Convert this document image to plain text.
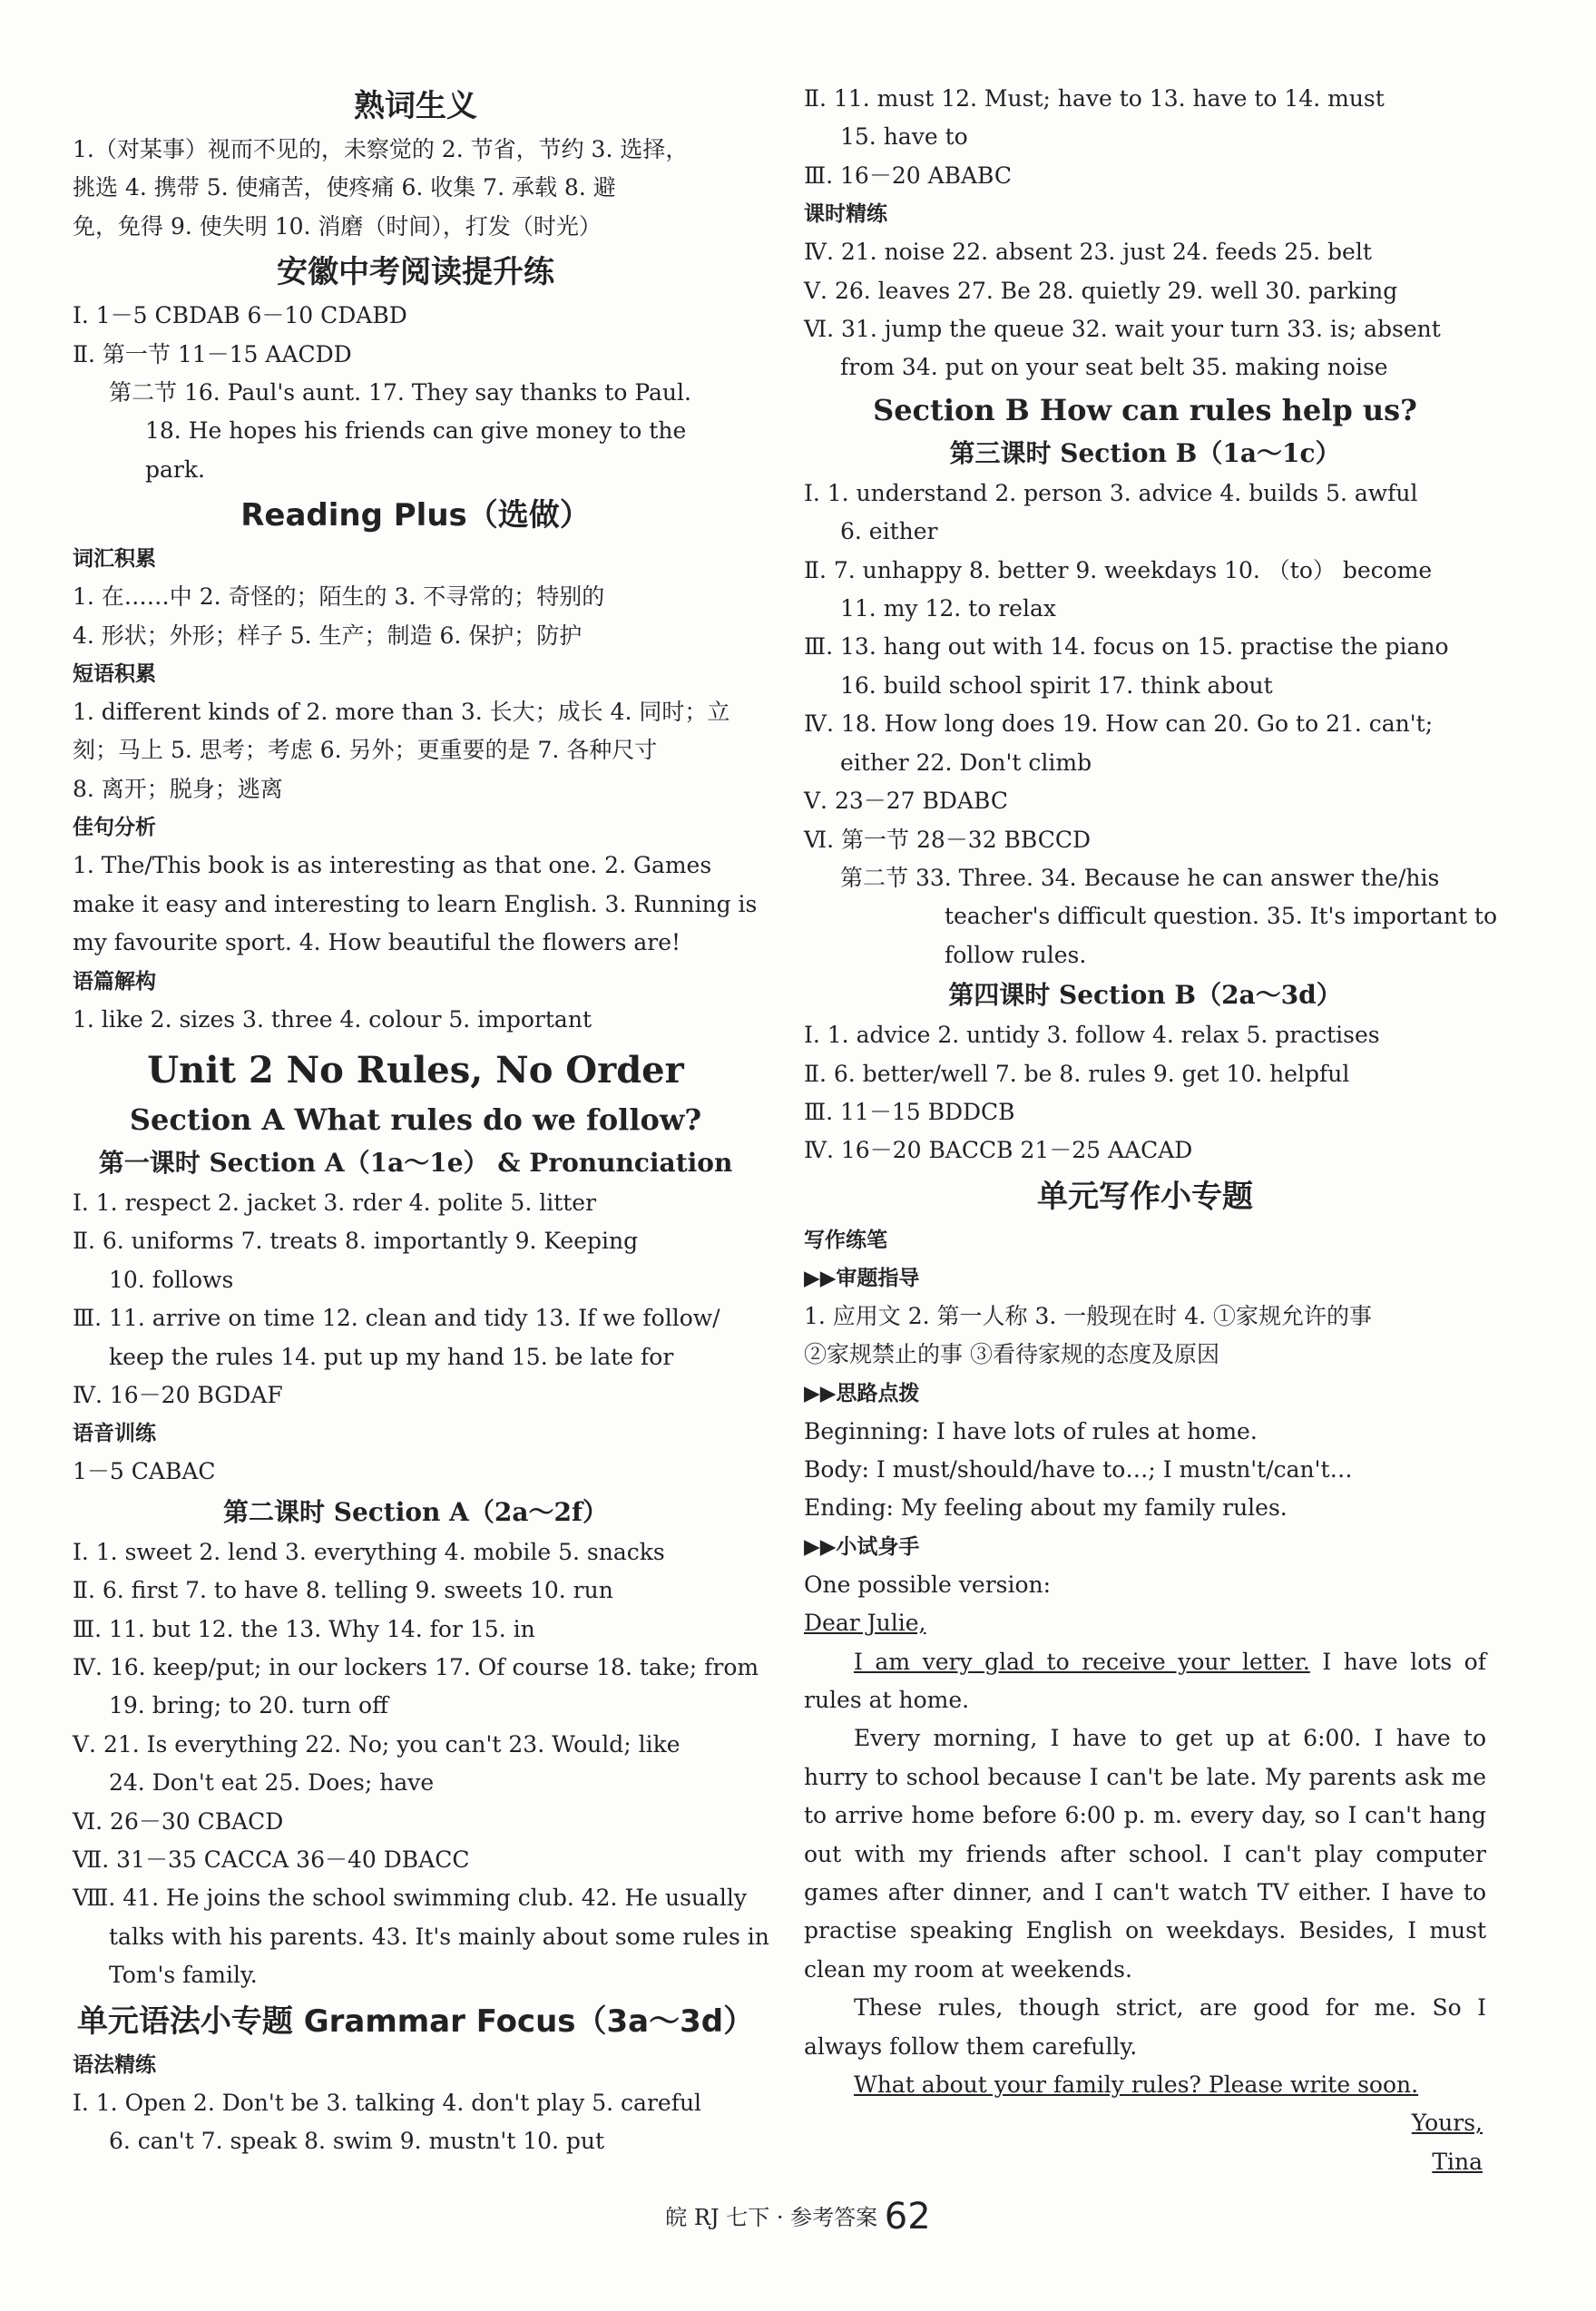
熟词生义
1.（对某事）视而不见的，未察觉的 2. 节省，节约 3. 选择，
挑选 4. 携带 5. 使痛苦，使疼痛 6. 收集 7. 承载 8. 避
免，免得 9. 使失明 10. 消磨（时间），打发（时光）
安徽中考阅读提升练
Ⅰ. 1－5 CBDAB 6－10 CDABD
Ⅱ. 第一节 11－15 AACDD
第二节 16. Paul's aunt. 17. They say thanks to Paul.
18. He hopes his friends can give money to the
park.
Reading Plus（选做）
词汇积累
1. 在……中 2. 奇怪的；陌生的 3. 不寻常的；特别的
4. 形状；外形；样子 5. 生产；制造 6. 保护；防护
短语积累
1. different kinds of 2. more than 3. 长大；成长 4. 同时；立
刻；马上 5. 思考；考虑 6. 另外；更重要的是 7. 各种尺寸
8. 离开；脱身；逃离
佳句分析
1. The/This book is as interesting as that one. 2. Games
make it easy and interesting to learn English. 3. Running is
my favourite sport. 4. How beautiful the flowers are!
语篇解构
1. like 2. sizes 3. three 4. colour 5. important
Unit 2 No Rules, No Order
Section A What rules do we follow?
第一课时 Section A（1a～1e） & Pronunciation
Ⅰ. 1. respect 2. jacket 3. rder 4. polite 5. litter
Ⅱ. 6. uniforms 7. treats 8. importantly 9. Keeping
10. follows
Ⅲ. 11. arrive on time 12. clean and tidy 13. If we follow/
keep the rules 14. put up my hand 15. be late for
Ⅳ. 16－20 BGDAF
语音训练
1－5 CABAC
第二课时 Section A（2a～2f）
Ⅰ. 1. sweet 2. lend 3. everything 4. mobile 5. snacks
Ⅱ. 6. first 7. to have 8. telling 9. sweets 10. run
Ⅲ. 11. but 12. the 13. Why 14. for 15. in
Ⅳ. 16. keep/put; in our lockers 17. Of course 18. take; from
19. bring; to 20. turn off
Ⅴ. 21. Is everything 22. No; you can't 23. Would; like
24. Don't eat 25. Does; have
Ⅵ. 26－30 CBACD
Ⅶ. 31－35 CACCA 36－40 DBACC
Ⅷ. 41. He joins the school swimming club. 42. He usually
talks with his parents. 43. It's mainly about some rules in
Tom's family.
单元语法小专题 Grammar Focus（3a～3d）
语法精练
Ⅰ. 1. Open 2. Don't be 3. talking 4. don't play 5. careful
6. can't 7. speak 8. swim 9. mustn't 10. put
Ⅱ. 11. must 12. Must; have to 13. have to 14. must
15. have to
Ⅲ. 16－20 ABABC
课时精练
Ⅳ. 21. noise 22. absent 23. just 24. feeds 25. belt
Ⅴ. 26. leaves 27. Be 28. quietly 29. well 30. parking
Ⅵ. 31. jump the queue 32. wait your turn 33. is; absent
from 34. put on your seat belt 35. making noise
Section B How can rules help us?
第三课时 Section B（1a～1c）
Ⅰ. 1. understand 2. person 3. advice 4. builds 5. awful
6. either
Ⅱ. 7. unhappy 8. better 9. weekdays 10. （to） become
11. my 12. to relax
Ⅲ. 13. hang out with 14. focus on 15. practise the piano
16. build school spirit 17. think about
Ⅳ. 18. How long does 19. How can 20. Go to 21. can't;
either 22. Don't climb
Ⅴ. 23－27 BDABC
Ⅵ. 第一节 28－32 BBCCD
第二节 33. Three. 34. Because he can answer the/his
teacher's difficult question. 35. It's important to
follow rules.
第四课时 Section B（2a～3d）
Ⅰ. 1. advice 2. untidy 3. follow 4. relax 5. practises
Ⅱ. 6. better/well 7. be 8. rules 9. get 10. helpful
Ⅲ. 11－15 BDDCB
Ⅳ. 16－20 BACCB 21－25 AACAD
单元写作小专题
写作练笔
▶▶审题指导
1. 应用文 2. 第一人称 3. 一般现在时 4. ①家规允许的事
②家规禁止的事 ③看待家规的态度及原因
▶▶思路点拨
Beginning: I have lots of rules at home.
Body: I must/should/have to…; I mustn't/can't…
Ending: My feeling about my family rules.
▶▶小试身手
One possible version:
Dear Julie,
I am very glad to receive your letter. I have lots of rules at home.
Every morning, I have to get up at 6:00. I have to hurry to school because I can't be late. My parents ask me to arrive home before 6:00 p. m. every day, so I can't hang out with my friends after school. I can't play computer games after dinner, and I can't watch TV either. I have to practise speaking English on weekdays. Besides, I must clean my room at weekends.
These rules, though strict, are good for me. So I always follow them carefully.
What about your family rules? Please write soon.
Yours,
Tina
皖 RJ 七下 · 参考答案 62
